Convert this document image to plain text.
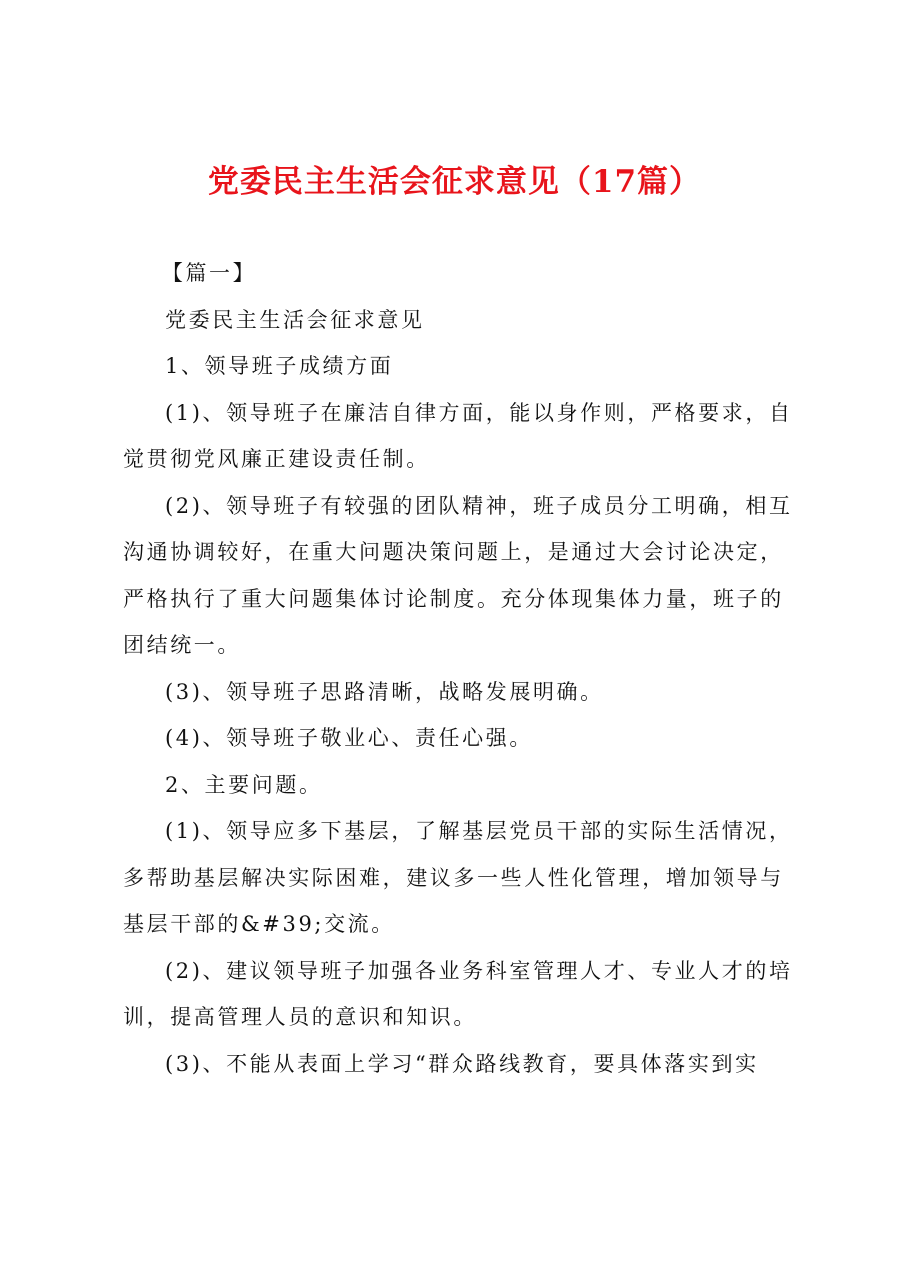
党委民主生活会征求意见（17篇）

【篇一】

党委民主生活会征求意见

1、领导班子成绩方面

(1)、领导班子在廉洁自律方面，能以身作则，严格要求，自觉贯彻党风廉正建设责任制。

(2)、领导班子有较强的团队精神，班子成员分工明确，相互沟通协调较好，在重大问题决策问题上，是通过大会讨论决定，严格执行了重大问题集体讨论制度。充分体现集体力量，班子的团结统一。

(3)、领导班子思路清晰，战略发展明确。

(4)、领导班子敬业心、责任心强。

2、主要问题。

(1)、领导应多下基层，了解基层党员干部的实际生活情况，多帮助基层解决实际困难，建议多一些人性化管理，增加领导与基层干部的&#39;交流。

(2)、建议领导班子加强各业务科室管理人才、专业人才的培训，提高管理人员的意识和知识。

(3)、不能从表面上学习“群众路线教育，要具体落实到实
